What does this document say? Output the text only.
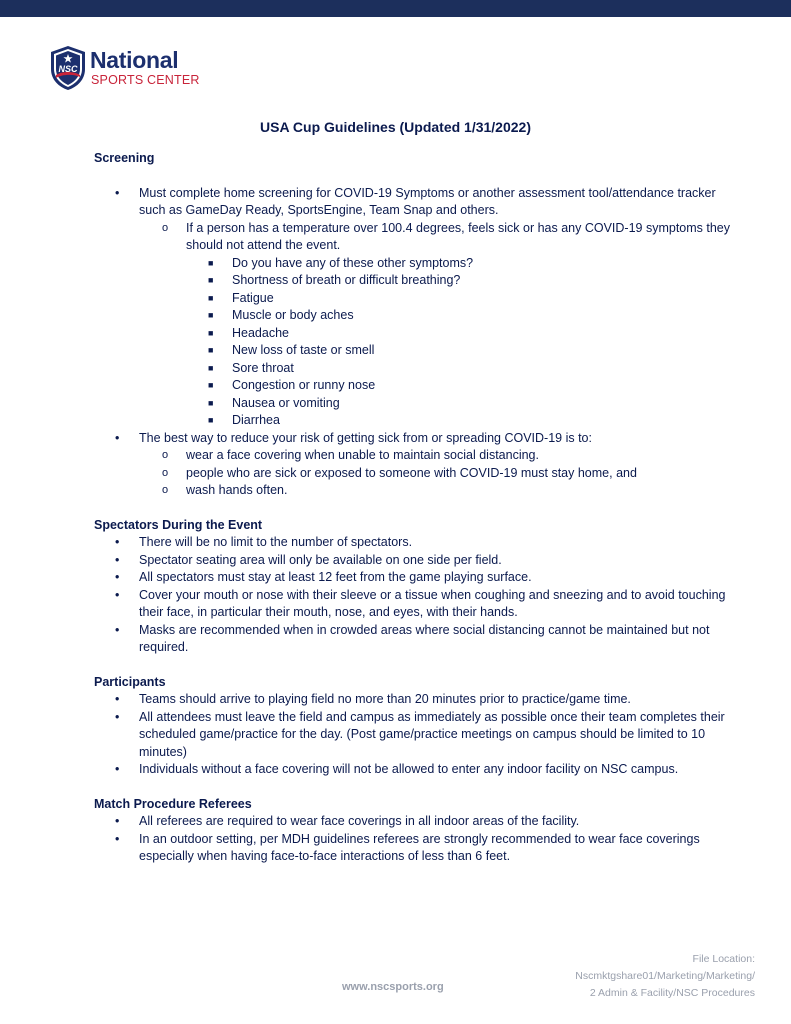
NSC National
SPORTS CENTER
USA Cup Guidelines (Updated 1/31/2022)
Screening
• Must complete home screening for COVID-19 Symptoms or another assessment tool/attendance tracker such as GameDay Ready, SportsEngine, Team Snap and others.
o If a person has a temperature over 100.4 degrees, feels sick or has any COVID-19 symptoms they should not attend the event.
■ Do you have any of these other symptoms?
■ Shortness of breath or difficult breathing?
■ Fatigue
■ Muscle or body aches
■ Headache
■ New loss of taste or smell
■ Sore throat
■ Congestion or runny nose
■ Nausea or vomiting
■ Diarrhea
• The best way to reduce your risk of getting sick from or spreading COVID-19 is to:
o wear a face covering when unable to maintain social distancing.
o people who are sick or exposed to someone with COVID-19 must stay home, and
o wash hands often.
Spectators During the Event
• There will be no limit to the number of spectators.
• Spectator seating area will only be available on one side per field.
• All spectators must stay at least 12 feet from the game playing surface.
• Cover your mouth or nose with their sleeve or a tissue when coughing and sneezing and to avoid touching their face, in particular their mouth, nose, and eyes, with their hands.
• Masks are recommended when in crowded areas where social distancing cannot be maintained but not required.
Participants
• Teams should arrive to playing field no more than 20 minutes prior to practice/game time.
• All attendees must leave the field and campus as immediately as possible once their team completes their scheduled game/practice for the day. (Post game/practice meetings on campus should be limited to 10 minutes)
• Individuals without a face covering will not be allowed to enter any indoor facility on NSC campus.
Match Procedure Referees
• All referees are required to wear face coverings in all indoor areas of the facility.
• In an outdoor setting, per MDH guidelines referees are strongly recommended to wear face coverings especially when having face-to-face interactions of less than 6 feet.
www.nscsports.org
File Location:
Nscmktgshare01/Marketing/Marketing/
2 Admin & Facility/NSC Procedures
